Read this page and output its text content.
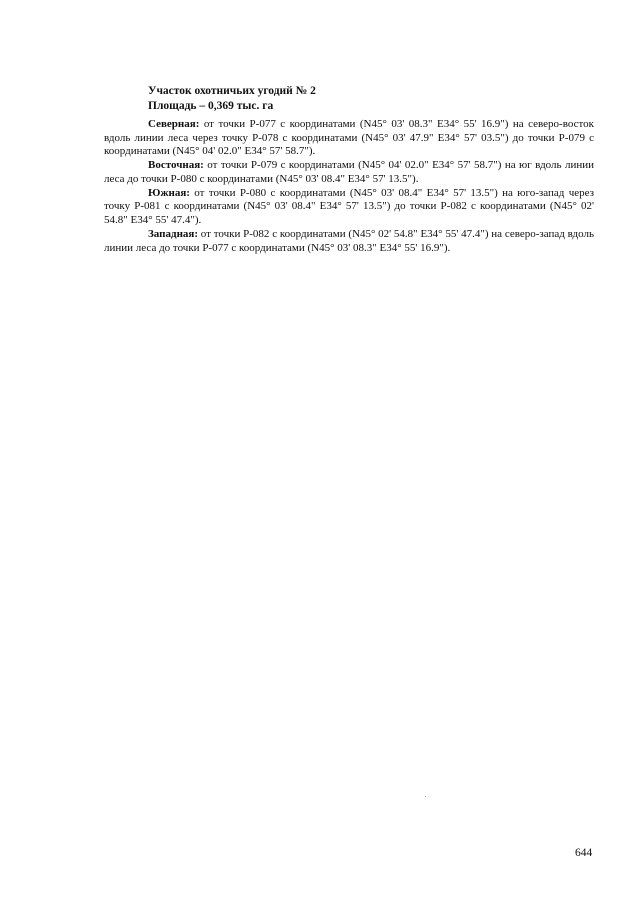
Участок охотничьих угодий № 2
Площадь – 0,369 тыс. га

Северная: от точки Р-077 с координатами (N45° 03' 08.3" E34° 55' 16.9") на северо-восток вдоль линии леса через точку Р-078 с координатами (N45° 03' 47.9" E34° 57' 03.5") до точки Р-079 с координатами (N45° 04' 02.0" E34° 57' 58.7").

Восточная: от точки Р-079 с координатами (N45° 04' 02.0" E34° 57' 58.7") на юг вдоль линии леса до точки Р-080 с координатами (N45° 03' 08.4" E34° 57' 13.5").

Южная: от точки Р-080 с координатами (N45° 03' 08.4" E34° 57' 13.5") на юго-запад через точку Р-081 с координатами (N45° 03' 08.4" E34° 57' 13.5") до точки Р-082 с координатами (N45° 02' 54.8" E34° 55' 47.4").

Западная: от точки Р-082 с координатами (N45° 02' 54.8" E34° 55' 47.4") на северо-запад вдоль линии леса до точки Р-077 с координатами (N45° 03' 08.3" E34° 55' 16.9").

644
